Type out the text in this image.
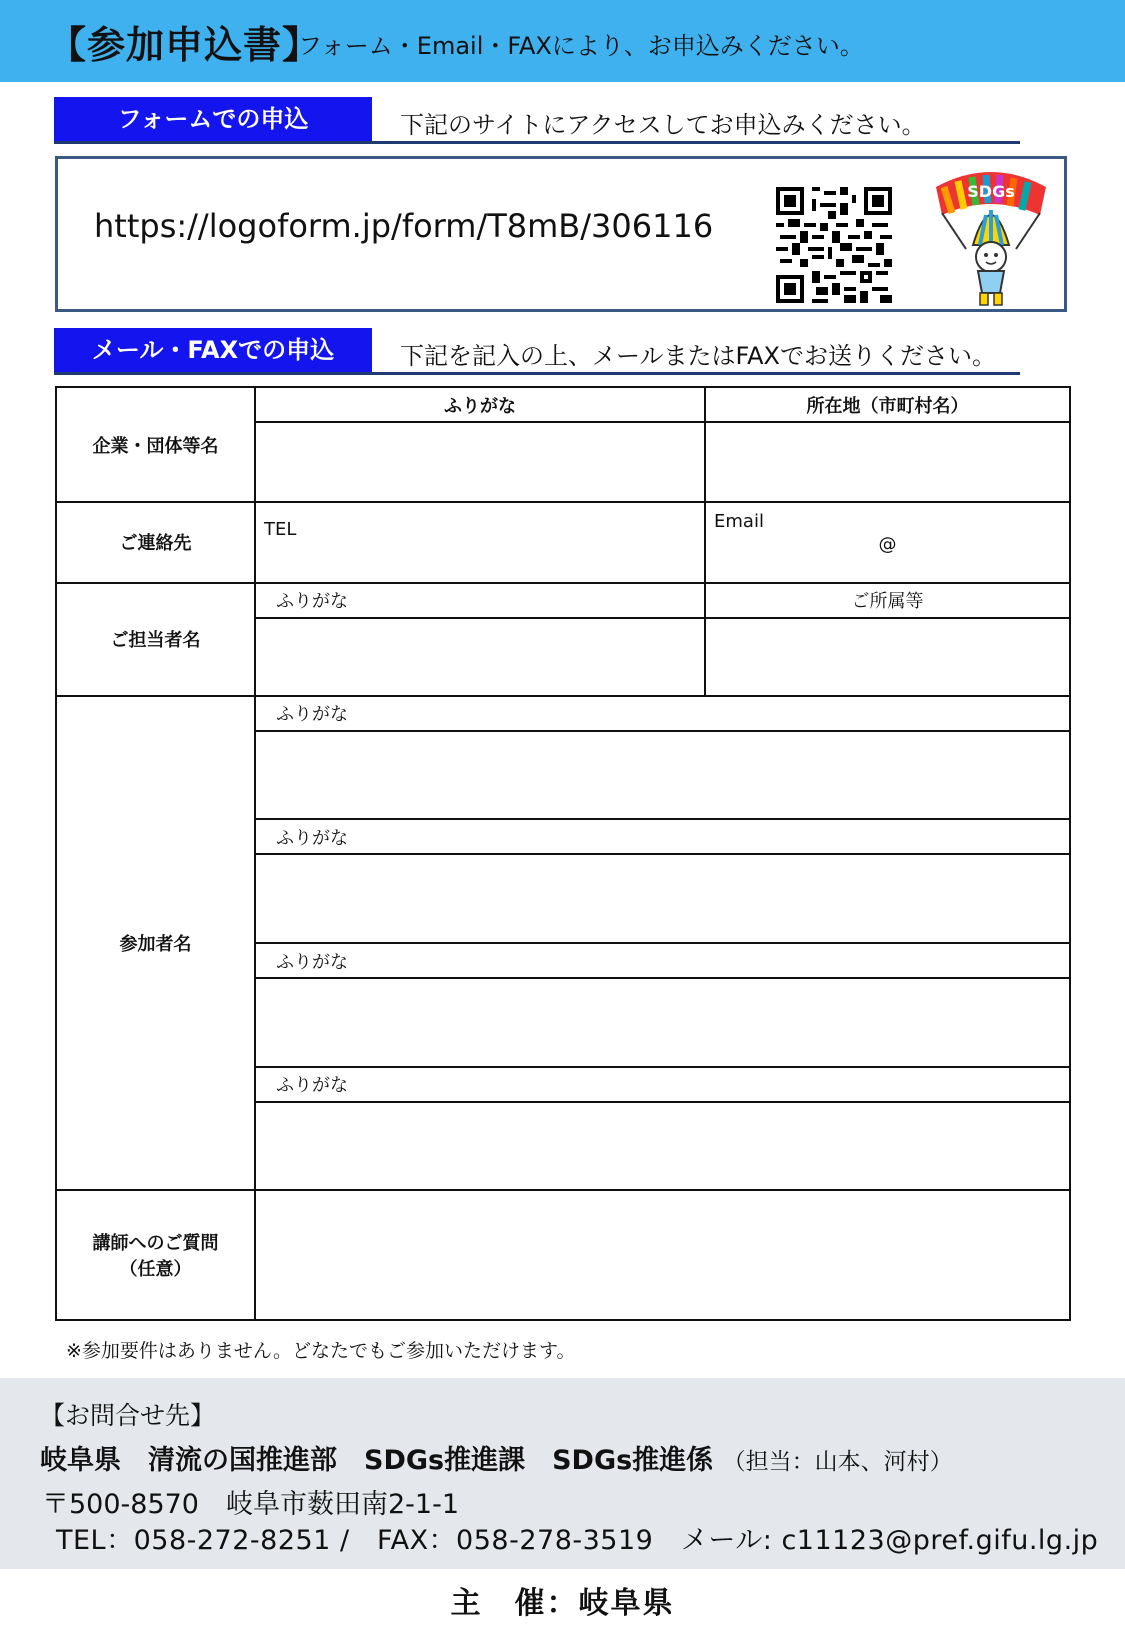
【参加申込書】
フォーム・Email・FAXにより、お申込みください。
フォームでの申込	下記のサイトにアクセスしてお申込みください。
https://logoform.jp/form/T8mB/306116
SDGs
メール・FAXでの申込	下記を記入の上、メールまたはFAXでお送りください。
企業・団体等名	ふりがな	所在地（市町村名）

ご連絡先	TEL	Email
@

ご担当者名	ふりがな	ご所属等

参加者名	ふりがな	

	ふりがな	

	ふりがな	

	ふりがな	

講師へのご質問
（任意）		

※参加要件はありません。どなたでもご参加いただけます。
【お問合せ先】
岐阜県　清流の国推進部　SDGs推進課　SDGs推進係 （担当：山本、河村）
〒500-8570　岐阜市薮田南2-1-1
TEL：058-272-8251 /　FAX：058-278-3519　メール: c11123@pref.gifu.lg.jp
主　催：岐阜県
